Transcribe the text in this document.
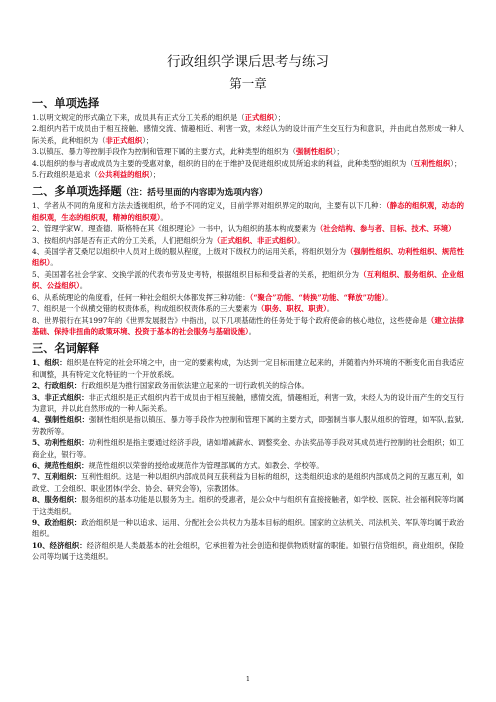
行政组织学课后思考与练习
第一章
一、单项选择

1.以明文规定的形式确立下来，成员具有正式分工关系的组织是（正式组织）；

2.组织内若干成员由于相互接触、感情交流、情趣相近、利害一致，未经认为的设计而产生交互行为和意识，并由此自然形成一种人际关系，此种组织为（非正式组织）；

3.以镇压、暴力等控制手段作为控制和管理下属的主要方式，此种类型的组织为（强制性组织）；

4.以组织的参与者或成员为主要的受惠对象，组织的目的在于维护及促进组织成员所追求的利益，此种类型的组织为（互利性组织）；

5.行政组织是追求（公共利益的组织）；

二、多单项选择题（注：括号里面的内容即为选项内容）

1、学者从不同的角度和方法去透视组织，给予不同的定义，目前学界对组织界定的取向，主要有以下几种：（静态的组织观，动态的组织观，生态的组织观，精神的组织观）。

2、管理学家W．理查德．斯格特在其《组织理论》一书中，认为组织的基本构成要素为（社会结构、参与者、目标、技术、环境）

3、按组织内部是否有正式的分工关系，人们把组织分为（正式组织、非正式组织）。

4、美国学者艾桑尼以组织中人员对上级的服从程度，上级对下级权力的运用关系，将组织划分为（强制性组织、功利性组织、规范性组织）。

5、美国著名社会学家、交换学派的代表布劳及史考特，根据组织目标和受益者的关系，把组织分为（互利组织、服务组织、企业组织、公益组织）。

6、从系统理论的角度看，任何一种社会组织大体都发挥三种功能：（“聚合”功能、“转换”功能、“释放”功能）。

7、组织是一个纵横交错的权责体系，构成组织权责体系的三大要素为（职务、职权、职责）。

8、世界银行在其1997年的《世界发展报告》中指出，以下几项基础性的任务处于每个政府使命的核心地位，这些使命是（建立法律基础、保持非扭曲的政策环境、投资于基本的社会服务与基础设施）。

三、名词解释

1、组织：组织是在特定的社会环境之中，由一定的要素构成，为达到一定目标而建立起来的，并随着内外环境的不断变化而自我适应和调整，具有特定文化特征的一个开放系统。

2、行政组织：行政组织是为推行国家政务而依法建立起来的一切行政机关的综合体。

3、非正式组织：非正式组织是正式组织内若干成员由于相互接触，感情交流，情趣相近，利害一致，未经人为的设计而产生的交互行为意识，并以此自然形成的一种人际关系。

4、强制性组织：强制性组织是指以镇压、暴力等手段作为控制和管理下属的主要方式，即强制当事人服从组织的管理，如军队,监狱,劳教所等。

5、功利性组织：功利性组织是指主要通过经济手段，诸如增减薪水、调整奖金、办法奖品等手段对其成员进行控制的社会组织；如工商企业，银行等。

6、规范性组织：规范性组织以荣誉的授给或规范作为管理部属的方式。如教会、学校等。

7、互利组织：互利性组织。这是一种以组织内部成员间互获利益为目标的组织，这类组织追求的是组织内部成员之间的互惠互利，如政党、工会组织、职业团体(学会、协会、研究会等)，宗教团体。

8、服务组织：服务组织的基本功能是以服务为主。组织的受惠者，是公众中与组织有直接接触者，如学校、医院、社会福利院等均属于这类组织。

9、政治组织：政治组织是一种以追求、运用、分配社会公共权力为基本目标的组织。国家的立法机关、司法机关、军队等均属于政治组织。

10、经济组织：经济组织是人类最基本的社会组织，它承担着为社会创造和提供物质财富的职能。如银行信贷组织，商业组织，保险公司等均属于这类组织。

1
